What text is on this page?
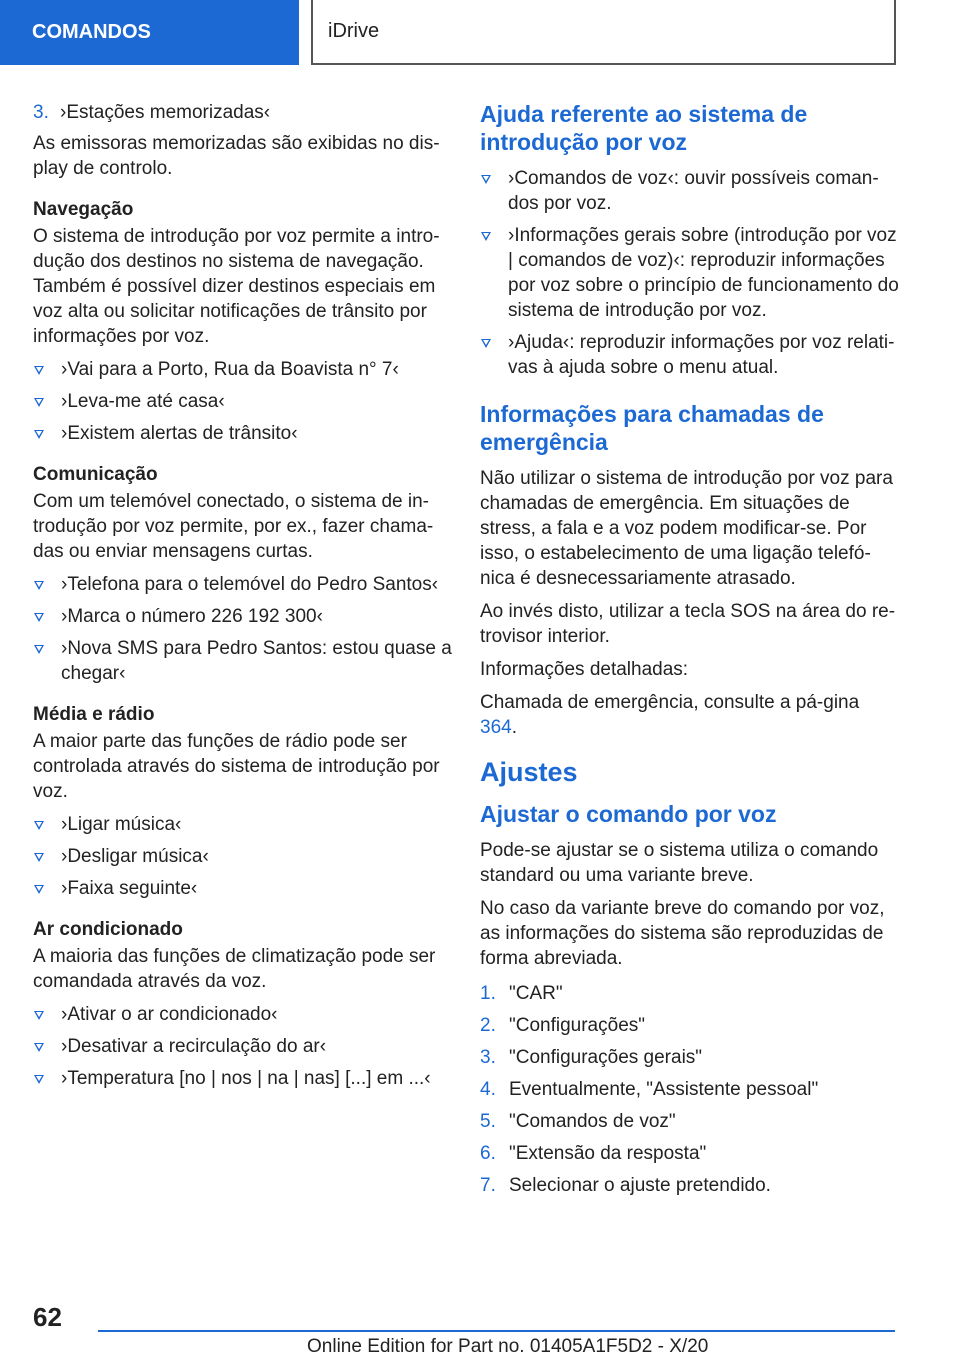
COMANDOS	iDrive
3. ›Estações memorizadas‹

As emissoras memorizadas são exibidas no dis-play de controlo.

Navegação

O sistema de introdução por voz permite a intro-dução dos destinos no sistema de navegação. Também é possível dizer destinos especiais em voz alta ou solicitar notificações de trânsito por informações por voz.

›Vai para a Porto, Rua da Boavista n° 7‹
›Leva-me até casa‹
›Existem alertas de trânsito‹

Comunicação

Com um telemóvel conectado, o sistema de in-trodução por voz permite, por ex., fazer chama-das ou enviar mensagens curtas.

›Telefona para o telemóvel do Pedro Santos‹
›Marca o número 226 192 300‹
›Nova SMS para Pedro Santos: estou quase a chegar‹

Média e rádio

A maior parte das funções de rádio pode ser controlada através do sistema de introdução por voz.

›Ligar música‹
›Desligar música‹
›Faixa seguinte‹

Ar condicionado

A maioria das funções de climatização pode ser comandada através da voz.

›Ativar o ar condicionado‹
›Desativar a recirculação do ar‹
›Temperatura [no | nos | na | nas] [...] em ...‹
Ajuda referente ao sistema de introdução por voz
›Comandos de voz‹: ouvir possíveis coman-dos por voz.
›Informações gerais sobre (introdução por voz | comandos de voz)‹: reproduzir informações por voz sobre o princípio de funcionamento do sistema de introdução por voz.
›Ajuda‹: reproduzir informações por voz relati-vas à ajuda sobre o menu atual.
Informações para chamadas de emergência

Não utilizar o sistema de introdução por voz para chamadas de emergência. Em situações de stress, a fala e a voz podem modificar-se. Por isso, o estabelecimento de uma ligação telefó-nica é desnecessariamente atrasado.

Ao invés disto, utilizar a tecla SOS na área do re-trovisor interior.

Informações detalhadas:

Chamada de emergência, consulte a pá-gina 364.

Ajustes
Ajustar o comando por voz

Pode-se ajustar se o sistema utiliza o comando standard ou uma variante breve.

No caso da variante breve do comando por voz, as informações do sistema são reproduzidas de forma abreviada.

1. "CAR"
2. "Configurações"
3. "Configurações gerais"
4. Eventualmente, "Assistente pessoal"
5. "Comandos de voz"
6. "Extensão da resposta"
7. Selecionar o ajuste pretendido.
62
Online Edition for Part no. 01405A1F5D2 - X/20
